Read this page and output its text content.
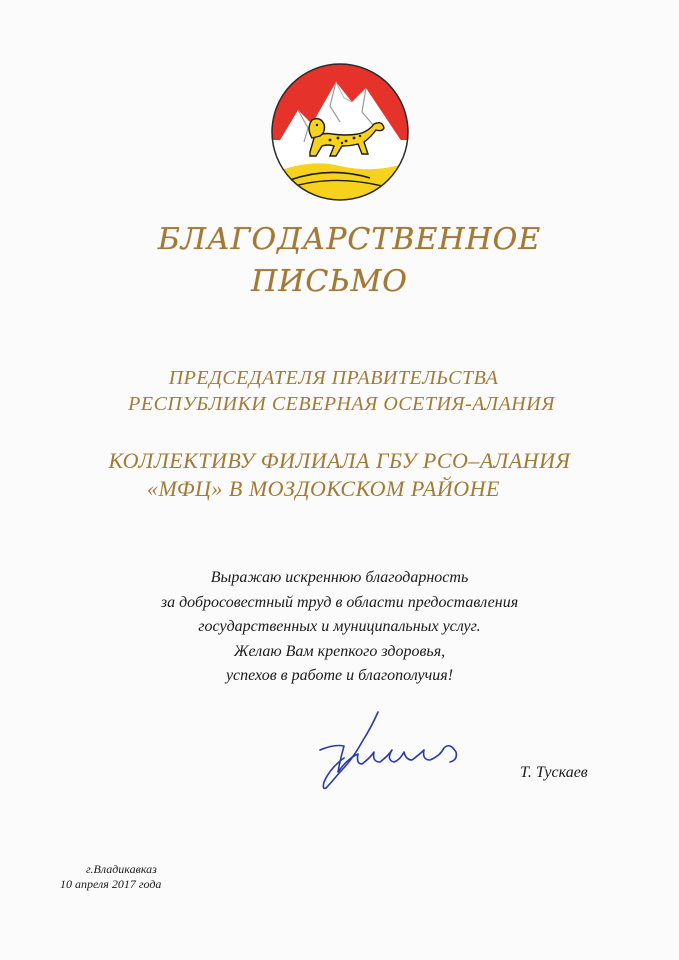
БЛАГОДАРСТВЕННОЕ
ПИСЬМО
ПРЕДСЕДАТЕЛЯ ПРАВИТЕЛЬСТВА
РЕСПУБЛИКИ СЕВЕРНАЯ ОСЕТИЯ-АЛАНИЯ
КОЛЛЕКТИВУ ФИЛИАЛА ГБУ РСО–АЛАНИЯ
«МФЦ» В МОЗДОКСКОМ РАЙОНЕ
Выражаю искреннюю благодарность
за добросовестный труд в области предоставления
государственных и муниципальных услуг.
Желаю Вам крепкого здоровья,
успехов в работе и благополучия!
Т. Тускаев
г.Владикавказ
10 апреля 2017 года
